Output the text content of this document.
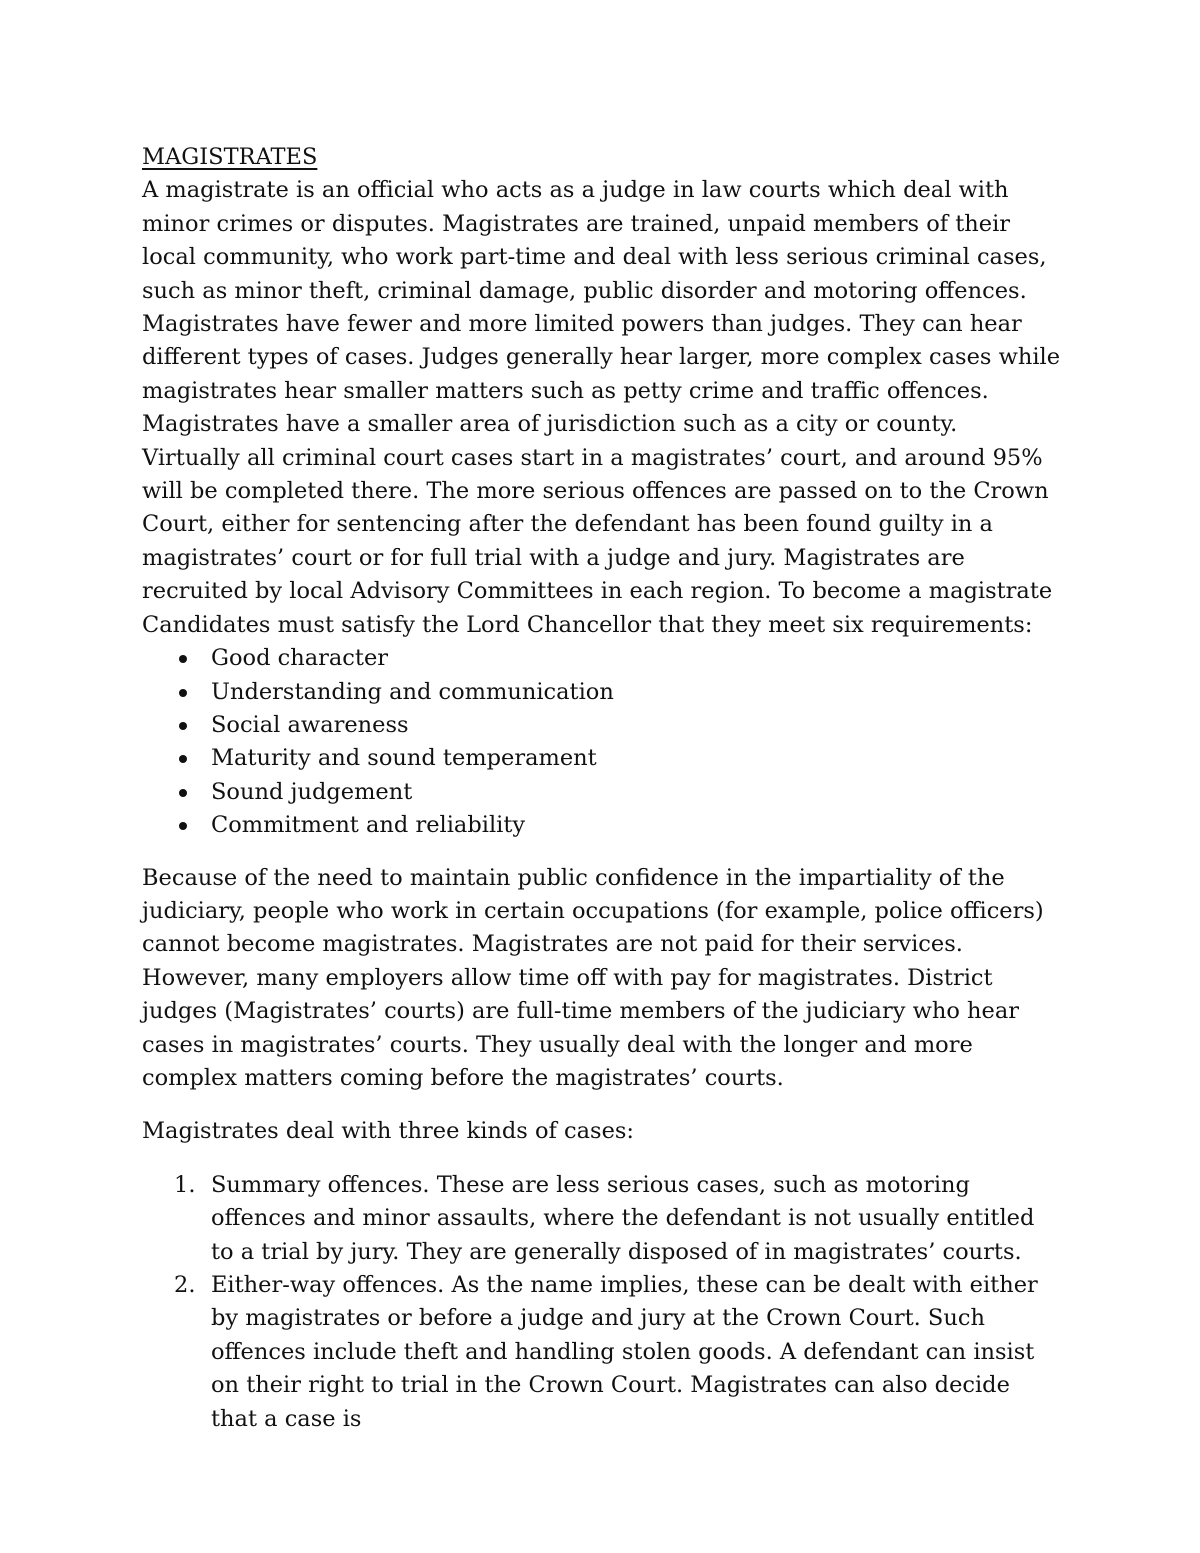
MAGISTRATES

A magistrate is an official who acts as a judge in law courts which deal with minor crimes or disputes. Magistrates are trained, unpaid members of their local community, who work part-time and deal with less serious criminal cases, such as minor theft, criminal damage, public disorder and motoring offences. Magistrates have fewer and more limited powers than judges. They can hear different types of cases. Judges generally hear larger, more complex cases while magistrates hear smaller matters such as petty crime and traffic offences. Magistrates have a smaller area of jurisdiction such as a city or county. Virtually all criminal court cases start in a magistrates’ court, and around 95% will be completed there. The more serious offences are passed on to the Crown Court, either for sentencing after the defendant has been found guilty in a magistrates’ court or for full trial with a judge and jury. Magistrates are recruited by local Advisory Committees in each region. To become a magistrate Candidates must satisfy the Lord Chancellor that they meet six requirements:

Good character
Understanding and communication
Social awareness
Maturity and sound temperament
Sound judgement
Commitment and reliability

Because of the need to maintain public confidence in the impartiality of the judiciary, people who work in certain occupations (for example, police officers) cannot become magistrates. Magistrates are not paid for their services. However, many employers allow time off with pay for magistrates. District judges (Magistrates’ courts) are full-time members of the judiciary who hear cases in magistrates’ courts. They usually deal with the longer and more complex matters coming before the magistrates’ courts.

Magistrates deal with three kinds of cases:

1. Summary offences. These are less serious cases, such as motoring offences and minor assaults, where the defendant is not usually entitled to a trial by jury. They are generally disposed of in magistrates’ courts.
2. Either-way offences. As the name implies, these can be dealt with either by magistrates or before a judge and jury at the Crown Court. Such offences include theft and handling stolen goods. A defendant can insist on their right to trial in the Crown Court. Magistrates can also decide that a case is
